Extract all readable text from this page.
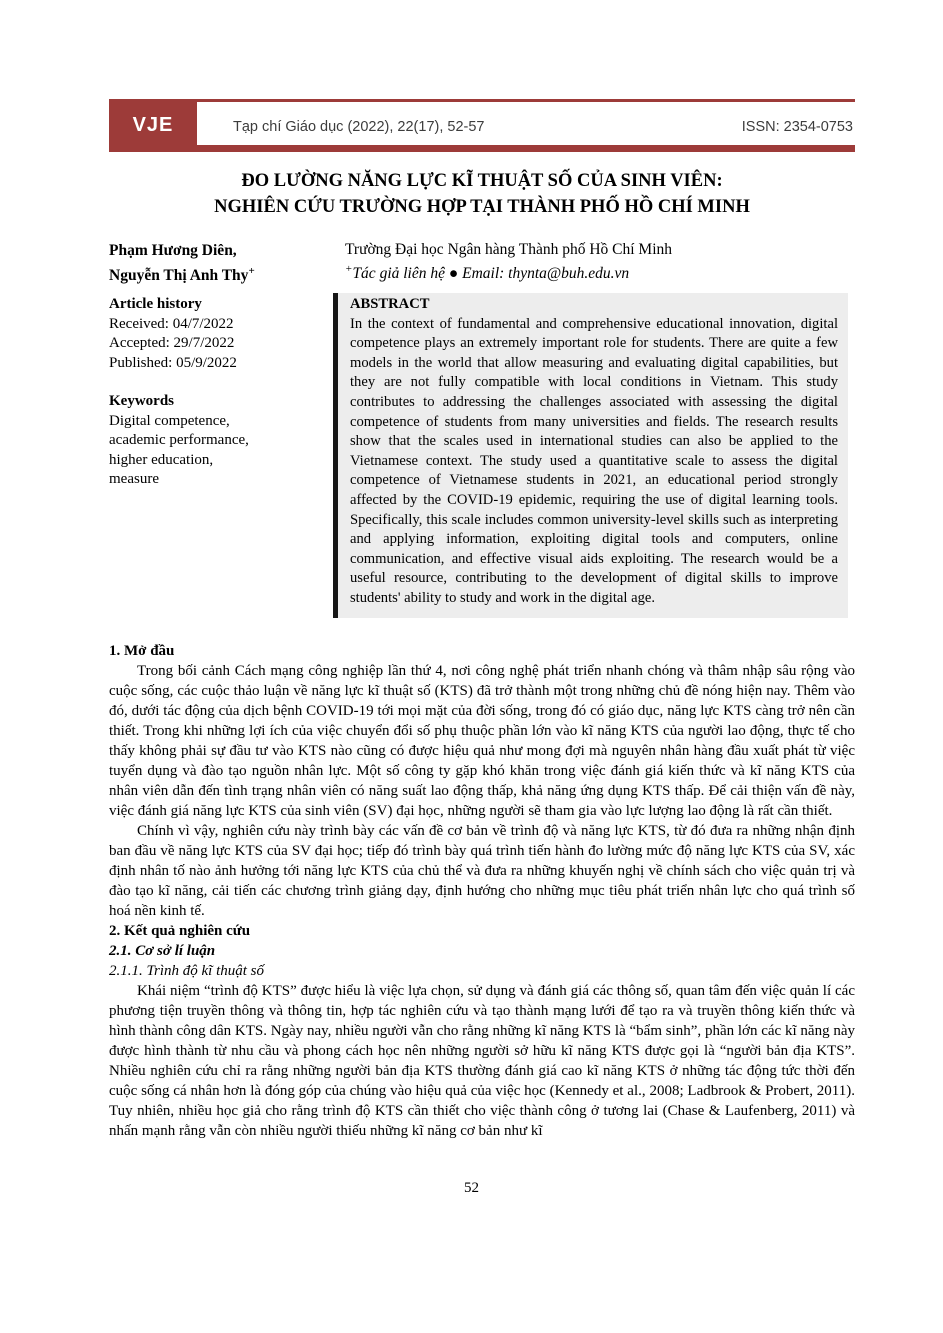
VJE	Tạp chí Giáo dục (2022), 22(17), 52-57	ISSN: 2354-0753
ĐO LƯỜNG NĂNG LỰC KĨ THUẬT SỐ CỦA SINH VIÊN:
NGHIÊN CỨU TRƯỜNG HỢP TẠI THÀNH PHỐ HỒ CHÍ MINH
Phạm Hương Diên,
Nguyễn Thị Anh Thy+
Trường Đại học Ngân hàng Thành phố Hồ Chí Minh
+Tác giả liên hệ ● Email: thynta@buh.edu.vn
Article history
Received: 04/7/2022
Accepted: 29/7/2022
Published: 05/9/2022
Keywords
Digital competence,
academic performance,
higher education,
measure
ABSTRACT
In the context of fundamental and comprehensive educational innovation, digital competence plays an extremely important role for students. There are quite a few models in the world that allow measuring and evaluating digital capabilities, but they are not fully compatible with local conditions in Vietnam. This study contributes to addressing the challenges associated with assessing the digital competence of students from many universities and fields. The research results show that the scales used in international studies can also be applied to the Vietnamese context. The study used a quantitative scale to assess the digital competence of Vietnamese students in 2021, an educational period strongly affected by the COVID-19 epidemic, requiring the use of digital learning tools. Specifically, this scale includes common university-level skills such as interpreting and applying information, exploiting digital tools and computers, online communication, and effective visual aids exploiting. The research would be a useful resource, contributing to the development of digital skills to improve students' ability to study and work in the digital age.
1. Mở đầu

Trong bối cảnh Cách mạng công nghiệp lần thứ 4, nơi công nghệ phát triển nhanh chóng và thâm nhập sâu rộng vào cuộc sống, các cuộc thảo luận về năng lực kĩ thuật số (KTS) đã trở thành một trong những chủ đề nóng hiện nay. Thêm vào đó, dưới tác động của dịch bệnh COVID-19 tới mọi mặt của đời sống, trong đó có giáo dục, năng lực KTS càng trở nên cần thiết. Trong khi những lợi ích của việc chuyển đổi số phụ thuộc phần lớn vào kĩ năng KTS của người lao động, thực tế cho thấy không phải sự đầu tư vào KTS nào cũng có được hiệu quả như mong đợi mà nguyên nhân hàng đầu xuất phát từ việc tuyển dụng và đào tạo nguồn nhân lực. Một số công ty gặp khó khăn trong việc đánh giá kiến thức và kĩ năng KTS của nhân viên dẫn đến tình trạng nhân viên có năng suất lao động thấp, khả năng ứng dụng KTS thấp. Để cải thiện vấn đề này, việc đánh giá năng lực KTS của sinh viên (SV) đại học, những người sẽ tham gia vào lực lượng lao động là rất cần thiết.

Chính vì vậy, nghiên cứu này trình bày các vấn đề cơ bản về trình độ và năng lực KTS, từ đó đưa ra những nhận định ban đầu về năng lực KTS của SV đại học; tiếp đó trình bày quá trình tiến hành đo lường mức độ năng lực KTS của SV, xác định nhân tố nào ảnh hưởng tới năng lực KTS của chủ thể và đưa ra những khuyến nghị về chính sách cho việc quản trị và đào tạo kĩ năng, cải tiến các chương trình giảng dạy, định hướng cho những mục tiêu phát triển nhân lực cho quá trình số hoá nền kinh tế.

2. Kết quả nghiên cứu
2.1. Cơ sở lí luận
2.1.1. Trình độ kĩ thuật số

Khái niệm “trình độ KTS” được hiểu là việc lựa chọn, sử dụng và đánh giá các thông số, quan tâm đến việc quản lí các phương tiện truyền thông và thông tin, hợp tác nghiên cứu và tạo thành mạng lưới để tạo ra và truyền thông kiến thức và hình thành công dân KTS. Ngày nay, nhiều người vẫn cho rằng những kĩ năng KTS là “bẩm sinh”, phần lớn các kĩ năng này được hình thành từ nhu cầu và phong cách học nên những người sở hữu kĩ năng KTS được gọi là “người bản địa KTS”. Nhiều nghiên cứu chỉ ra rằng những người bản địa KTS thường đánh giá cao kĩ năng KTS ở những tác động tức thời đến cuộc sống cá nhân hơn là đóng góp của chúng vào hiệu quả của việc học (Kennedy et al., 2008; Ladbrook & Probert, 2011). Tuy nhiên, nhiều học giả cho rằng trình độ KTS cần thiết cho việc thành công ở tương lai (Chase & Laufenberg, 2011) và nhấn mạnh rằng vẫn còn nhiều người thiếu những kĩ năng cơ bản như kĩ

52
